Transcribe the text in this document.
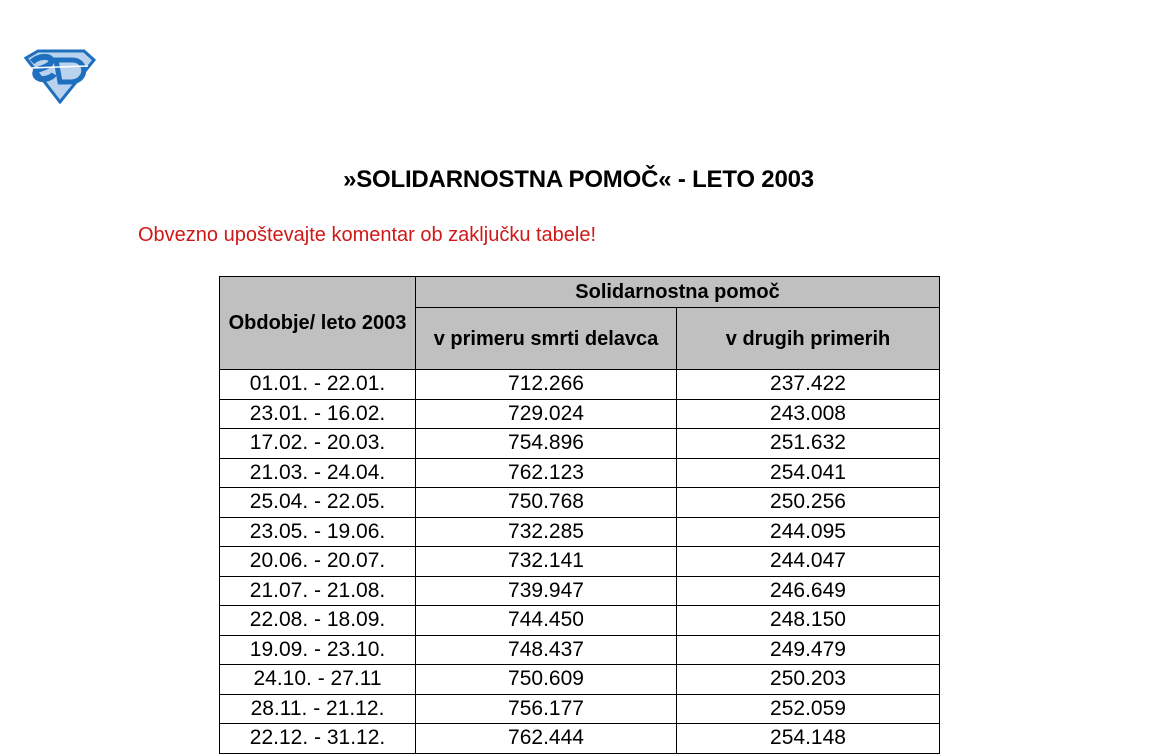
»SOLIDARNOSTNA POMOČ« - LETO 2003
Obvezno upoštevajte komentar ob zaključku tabele!
Obdobje/ leto 2003	Solidarnostna pomoč	
	v primeru smrti delavca	v drugih primerih
01.01. - 22.01.	712.266	237.422
23.01. - 16.02.	729.024	243.008
17.02. - 20.03.	754.896	251.632
21.03. - 24.04.	762.123	254.041
25.04. - 22.05.	750.768	250.256
23.05. - 19.06.	732.285	244.095
20.06. - 20.07.	732.141	244.047
21.07. - 21.08.	739.947	246.649
22.08. - 18.09.	744.450	248.150
19.09. - 23.10.	748.437	249.479
24.10. - 27.11	750.609	250.203
28.11. - 21.12.	756.177	252.059
22.12. - 31.12.	762.444	254.148
